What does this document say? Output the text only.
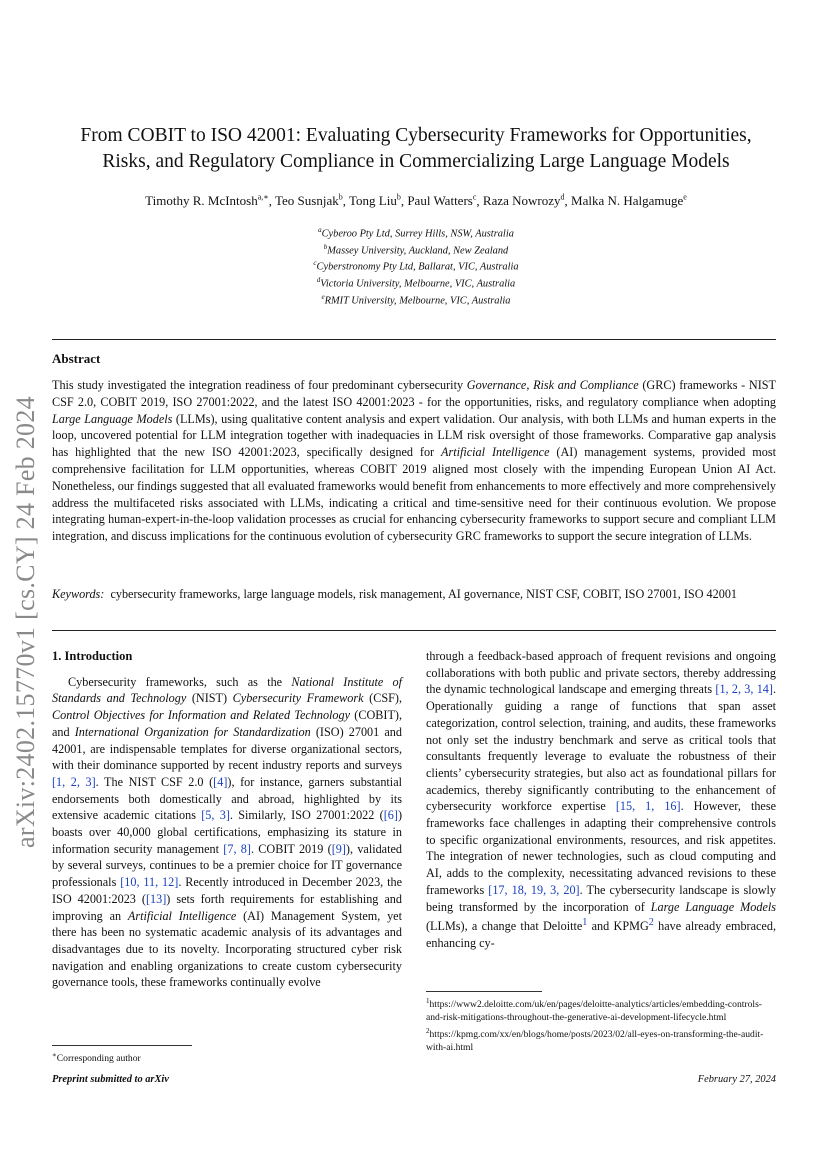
arXiv:2402.15770v1 [cs.CY] 24 Feb 2024
From COBIT to ISO 42001: Evaluating Cybersecurity Frameworks for Opportunities,
Risks, and Regulatory Compliance in Commercializing Large Language Models
Timothy R. McIntosh$^{a,∗}$, Teo Susnjak$^b$, Tong Liu$^b$, Paul Watters$^c$, Raza Nowrozy$^d$, Malka N. Halgamuge$^e$
$^a$Cyberoo Pty Ltd, Surrey Hills, NSW, Australia
$^b$Massey University, Auckland, New Zealand
$^c$Cyberstronomy Pty Ltd, Ballarat, VIC, Australia
$^d$Victoria University, Melbourne, VIC, Australia
$^e$RMIT University, Melbourne, VIC, Australia
Abstract
This study investigated the integration readiness of four predominant cybersecurity Governance, Risk and Compliance (GRC) frameworks - NIST CSF 2.0, COBIT 2019, ISO 27001:2022, and the latest ISO 42001:2023 - for the opportunities, risks, and regulatory compliance when adopting Large Language Models (LLMs), using qualitative content analysis and expert validation. Our analysis, with both LLMs and human experts in the loop, uncovered potential for LLM integration together with inadequacies in LLM risk oversight of those frameworks. Comparative gap analysis has highlighted that the new ISO 42001:2023, specifically designed for Artificial Intelligence (AI) management systems, provided most comprehensive facilitation for LLM opportunities, whereas COBIT 2019 aligned most closely with the impending European Union AI Act. Nonetheless, our findings suggested that all evaluated frameworks would benefit from enhancements to more effectively and more comprehensively address the multifaceted risks associated with LLMs, indicating a critical and time-sensitive need for their continuous evolution. We propose integrating human-expert-in-the-loop validation processes as crucial for enhancing cybersecurity frameworks to support secure and compliant LLM integration, and discuss implications for the continuous evolution of cybersecurity GRC frameworks to support the secure integration of LLMs.
Keywords: cybersecurity frameworks, large language models, risk management, AI governance, NIST CSF, COBIT, ISO 27001, ISO 42001
1. Introduction

Cybersecurity frameworks, such as the National Institute of Standards and Technology (NIST) Cybersecurity Framework (CSF), Control Objectives for Information and Related Technology (COBIT), and International Organization for Standardization (ISO) 27001 and 42001, are indispensable templates for diverse organizational sectors, with their dominance supported by recent industry reports and surveys [1, 2, 3]. The NIST CSF 2.0 ([4]), for instance, garners substantial endorsements both domestically and abroad, highlighted by its extensive academic citations [5, 3]. Similarly, ISO 27001:2022 ([6]) boasts over 40,000 global certifications, emphasizing its stature in information security management [7, 8]. COBIT 2019 ([9]), validated by several surveys, continues to be a premier choice for IT governance professionals [10, 11, 12]. Recently introduced in December 2023, the ISO 42001:2023 ([13]) sets forth requirements for establishing and improving an Artificial Intelligence (AI) Management System, yet there has been no systematic academic analysis of its advantages and disadvantages due to its novelty. Incorporating structured cyber risk navigation and enabling organizations to create custom cybersecurity governance tools, these frameworks continually evolve

through a feedback-based approach of frequent revisions and ongoing collaborations with both public and private sectors, thereby addressing the dynamic technological landscape and emerging threats [1, 2, 3, 14]. Operationally guiding a range of functions that span asset categorization, control selection, training, and audits, these frameworks not only set the industry benchmark and serve as critical tools that consultants frequently leverage to evaluate the robustness of their clients’ cybersecurity strategies, but also act as foundational pillars for academics, thereby significantly contributing to the enhancement of cybersecurity workforce expertise [15, 1, 16]. However, these frameworks face challenges in adapting their comprehensive controls to specific organizational environments, resources, and risk appetites. The integration of newer technologies, such as cloud computing and AI, adds to the complexity, necessitating advanced revisions to these frameworks [17, 18, 19, 3, 20]. The cybersecurity landscape is slowly being transformed by the incorporation of Large Language Models (LLMs), a change that Deloitte$^1$ and KPMG$^2$ have already embraced, enhancing cy-

$^1$https://www2.deloitte.com/uk/en/pages/deloitte-analytics/articles/embedding-controls-and-risk-mitigations-throughout-the-generative-ai-development-lifecycle.html
$^2$https://kpmg.com/xx/en/blogs/home/posts/2023/02/all-eyes-on-transforming-the-audit-with-ai.html
∗Corresponding author
Preprint submitted to arXiv	February 27, 2024
